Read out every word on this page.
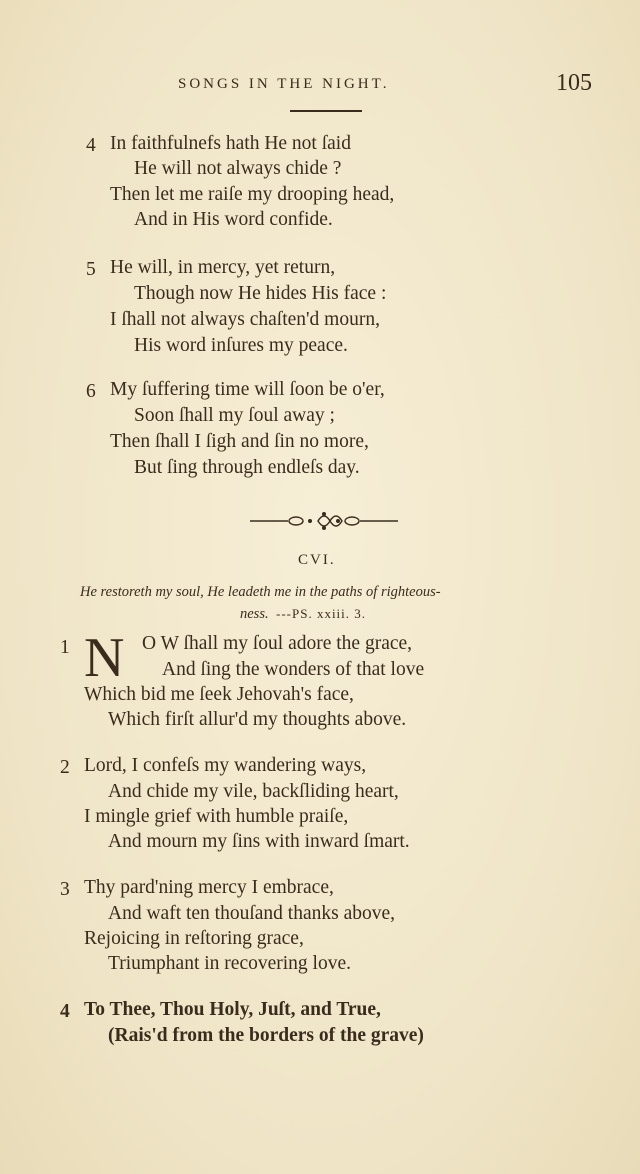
SONGS IN THE NIGHT.	105
4 In faithfulnefs hath He not ſaid
He will not always chide ?
Then let me raiſe my drooping head,
And in His word confide.
5 He will, in mercy, yet return,
Though now He hides His face :
I ſhall not always chaſten'd mourn,
His word inſures my peace.
6 My ſuffering time will ſoon be o'er,
Soon ſhall my ſoul away ;
Then ſhall I ſigh and ſin no more,
But ſing through endleſs day.
CVI.
He restoreth my soul, He leadeth me in the paths of righteous-
ness. ---PS. xxiii. 3.
1 N O W ſhall my ſoul adore the grace,
And ſing the wonders of that love
Which bid me ſeek Jehovah's face,
Which firſt allur'd my thoughts above.
2 Lord, I confeſs my wandering ways,
And chide my vile, backſliding heart,
I mingle grief with humble praiſe,
And mourn my ſins with inward ſmart.
3 Thy pard'ning mercy I embrace,
And waft ten thouſand thanks above,
Rejoicing in reſtoring grace,
Triumphant in recovering love.
4 To Thee, Thou Holy, Juſt, and True,
(Rais'd from the borders of the grave)
